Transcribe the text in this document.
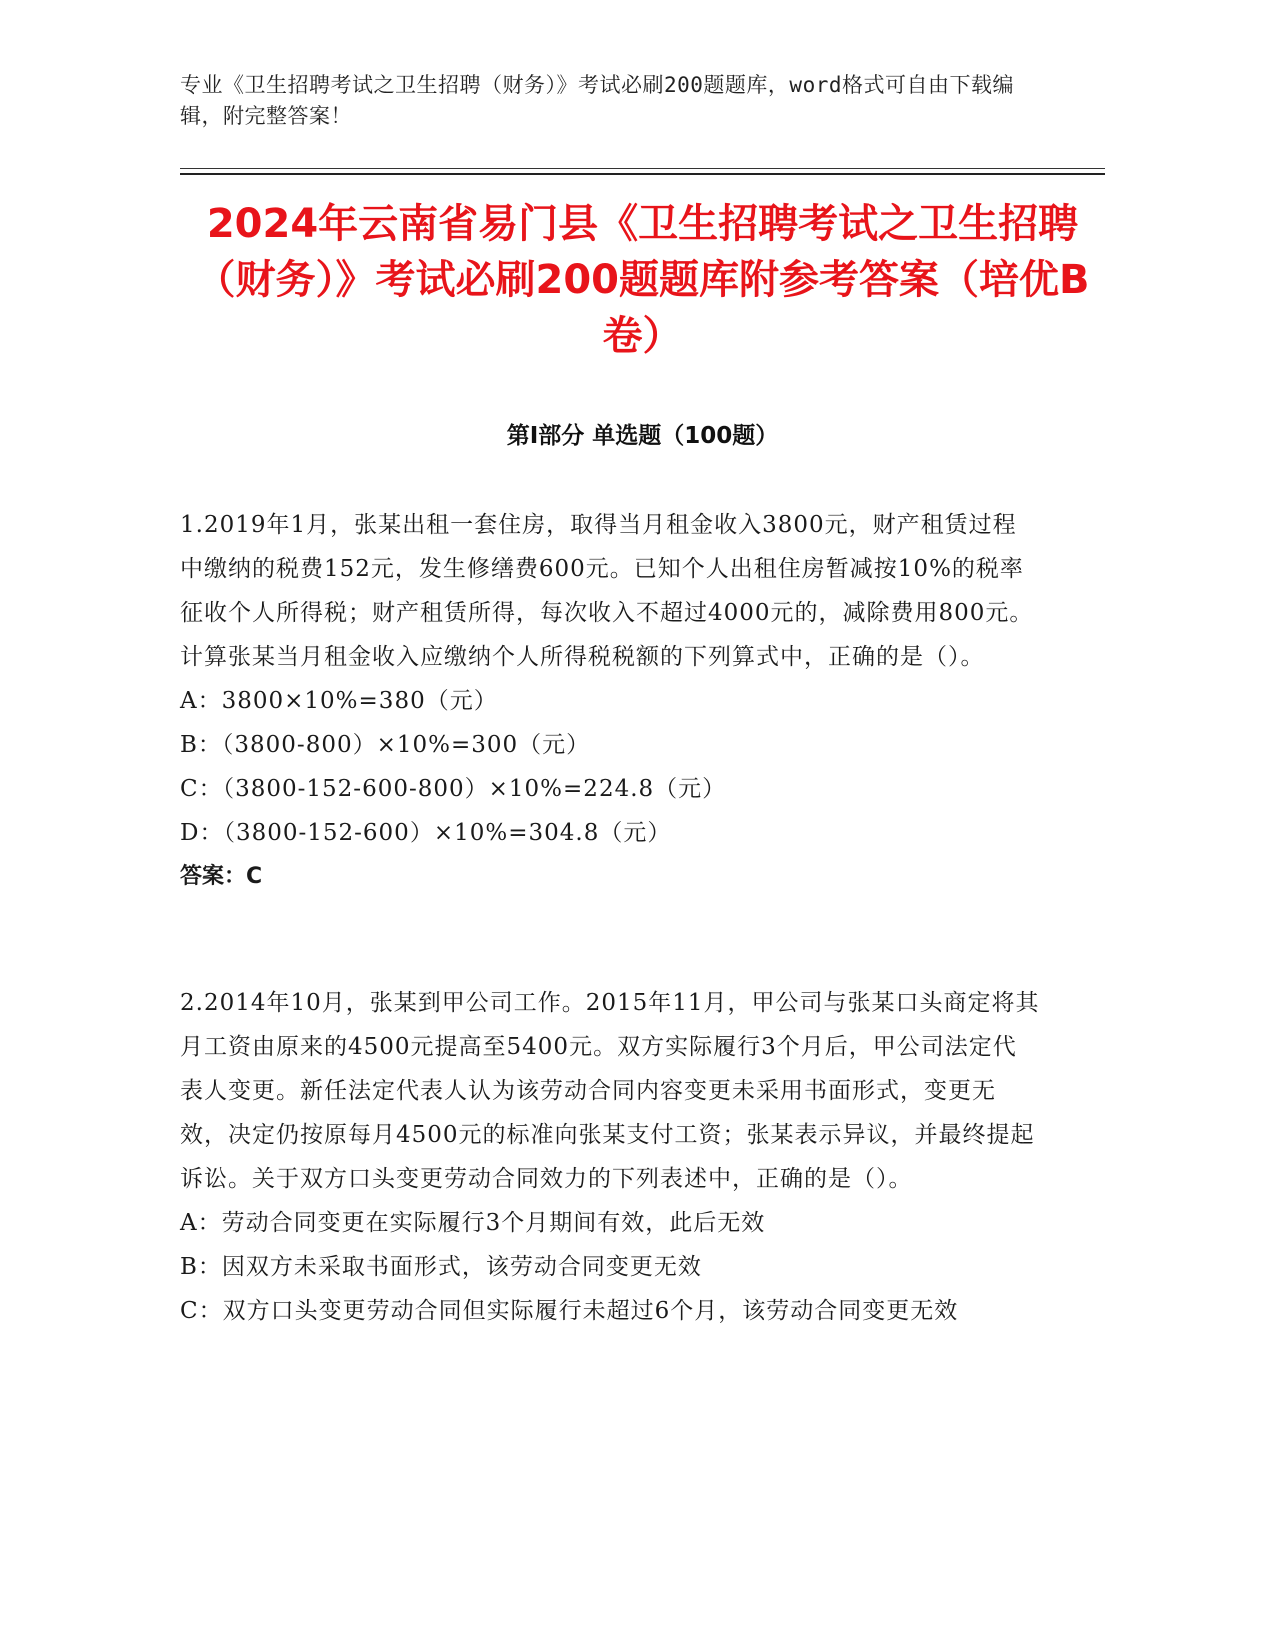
专业《卫生招聘考试之卫生招聘（财务）》考试必刷200题题库，word格式可自由下载编辑，附完整答案！
2024年云南省易门县《卫生招聘考试之卫生招聘（财务）》考试必刷200题题库附参考答案（培优B卷）
第Ⅰ部分 单选题（100题）

1.2019年1月，张某出租一套住房，取得当月租金收入3800元，财产租赁过程中缴纳的税费152元，发生修缮费600元。已知个人出租住房暂减按10%的税率征收个人所得税；财产租赁所得，每次收入不超过4000元的，减除费用800元。计算张某当月租金收入应缴纳个人所得税税额的下列算式中，正确的是（）。

A：3800×10%=380（元）

B：（3800-800）×10%=300（元）

C：（3800-152-600-800）×10%=224.8（元）

D：（3800-152-600）×10%=304.8（元）

答案：C

2.2014年10月，张某到甲公司工作。2015年11月，甲公司与张某口头商定将其月工资由原来的4500元提高至5400元。双方实际履行3个月后，甲公司法定代表人变更。新任法定代表人认为该劳动合同内容变更未采用书面形式，变更无效，决定仍按原每月4500元的标准向张某支付工资；张某表示异议，并最终提起诉讼。关于双方口头变更劳动合同效力的下列表述中，正确的是（）。

A：劳动合同变更在实际履行3个月期间有效，此后无效

B：因双方未采取书面形式，该劳动合同变更无效

C：双方口头变更劳动合同但实际履行未超过6个月，该劳动合同变更无效
